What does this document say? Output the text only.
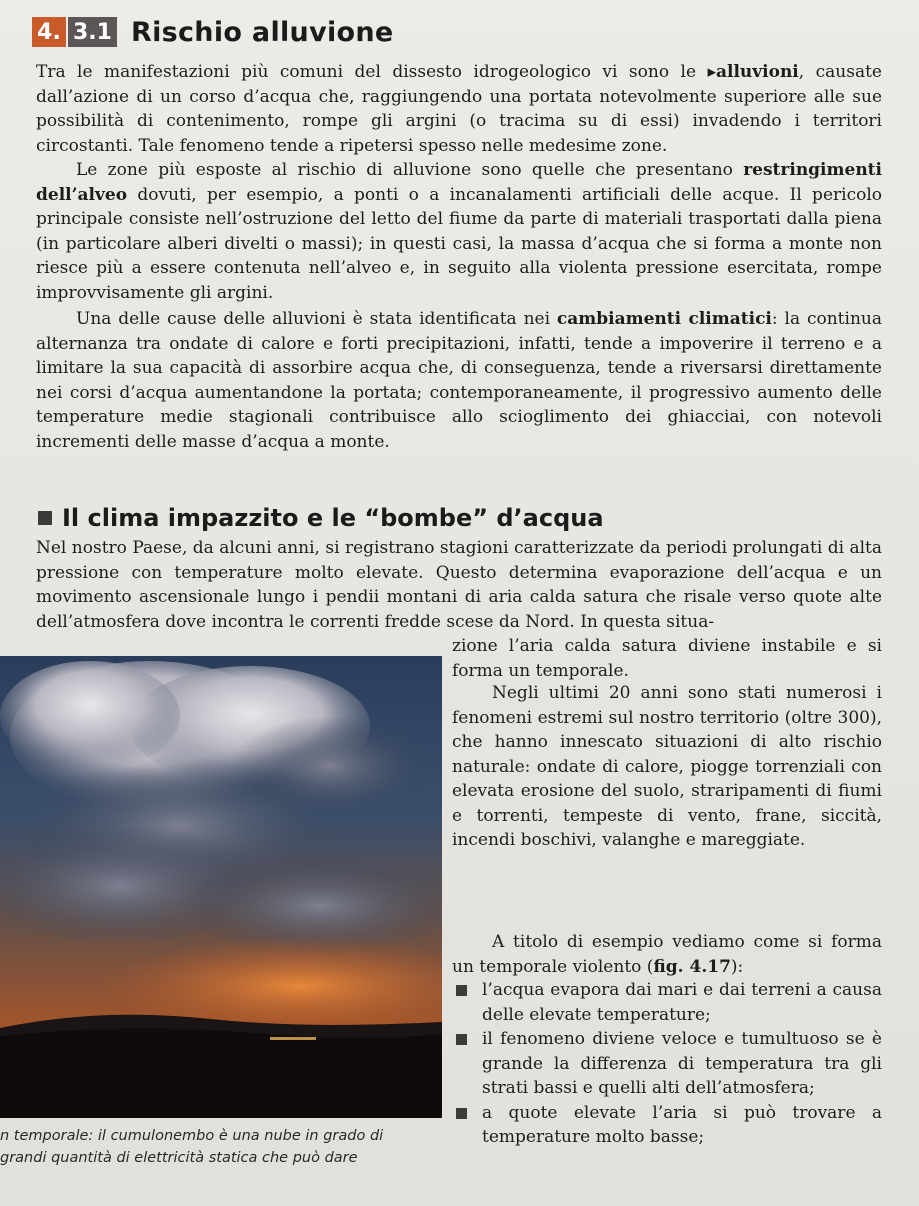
4. 3.1 Rischio alluvione

Tra le manifestazioni più comuni del dissesto idrogeologico vi sono le ▸alluvioni, causate dall’azione di un corso d’acqua che, raggiungendo una portata notevolmente superiore alle sue possibilità di contenimento, rompe gli argini (o tracima su di essi) invadendo i territori circostanti. Tale fenomeno tende a ripetersi spesso nelle medesime zone.

Le zone più esposte al rischio di alluvione sono quelle che presentano restringimenti dell’alveo dovuti, per esempio, a ponti o a incanalamenti artificiali delle acque. Il pericolo principale consiste nell’ostruzione del letto del fiume da parte di materiali trasportati dalla piena (in particolare alberi divelti o massi); in questi casi, la massa d’acqua che si forma a monte non riesce più a essere contenuta nell’alveo e, in seguito alla violenta pressione esercitata, rompe improvvisamente gli argini.

Una delle cause delle alluvioni è stata identificata nei cambiamenti climatici: la continua alternanza tra ondate di calore e forti precipitazioni, infatti, tende a impoverire il terreno e a limitare la sua capacità di assorbire acqua che, di conseguenza, tende a riversarsi direttamente nei corsi d’acqua aumentandone la portata; contemporaneamente, il progressivo aumento delle temperature medie stagionali contribuisce allo scioglimento dei ghiacciai, con notevoli incrementi delle masse d’acqua a monte.

Il clima impazzito e le “bombe” d’acqua

Nel nostro Paese, da alcuni anni, si registrano stagioni caratterizzate da periodi prolungati di alta pressione con temperature molto elevate. Questo determina evaporazione dell’acqua e un movimento ascensionale lungo i pendii montani di aria calda satura che risale verso quote alte dell’atmosfera dove incontra le correnti fredde scese da Nord. In questa situa-

zione l’aria calda satura diviene instabile e si forma un temporale.

Negli ultimi 20 anni sono stati numerosi i fenomeni estremi sul nostro territorio (oltre 300), che hanno innescato situazioni di alto rischio naturale: ondate di calore, piogge torrenziali con elevata erosione del suolo, straripamenti di fiumi e torrenti, tempeste di vento, frane, siccità, incendi boschivi, valanghe e mareggiate.

A titolo di esempio vediamo come si forma un temporale violento (fig. 4.17):

l’acqua evapora dai mari e dai terreni a causa delle elevate temperature;
il fenomeno diviene veloce e tumultuoso se è grande la differenza di temperatura tra gli strati bassi e quelli alti dell’atmosfera;
a quote elevate l’aria si può trovare a temperature molto basse;
n temporale: il cumulonembo è una nube in grado di grandi quantità di elettricità statica che può dare
